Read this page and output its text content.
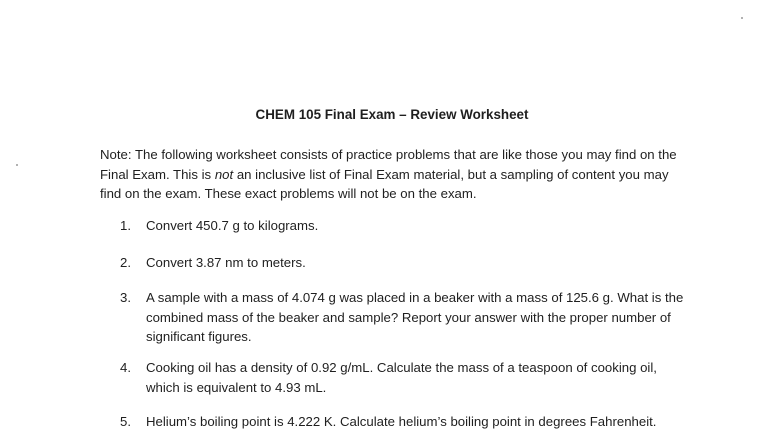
CHEM 105 Final Exam – Review Worksheet
Note: The following worksheet consists of practice problems that are like those you may find on the Final Exam. This is not an inclusive list of Final Exam material, but a sampling of content you may find on the exam. These exact problems will not be on the exam.
1.	Convert 450.7 g to kilograms.
2.	Convert 3.87 nm to meters.
3.	A sample with a mass of 4.074 g was placed in a beaker with a mass of 125.6 g. What is the combined mass of the beaker and sample? Report your answer with the proper number of significant figures.
4.	Cooking oil has a density of 0.92 g/mL. Calculate the mass of a teaspoon of cooking oil, which is equivalent to 4.93 mL.
5.	Helium’s boiling point is 4.222 K. Calculate helium’s boiling point in degrees Fahrenheit.
